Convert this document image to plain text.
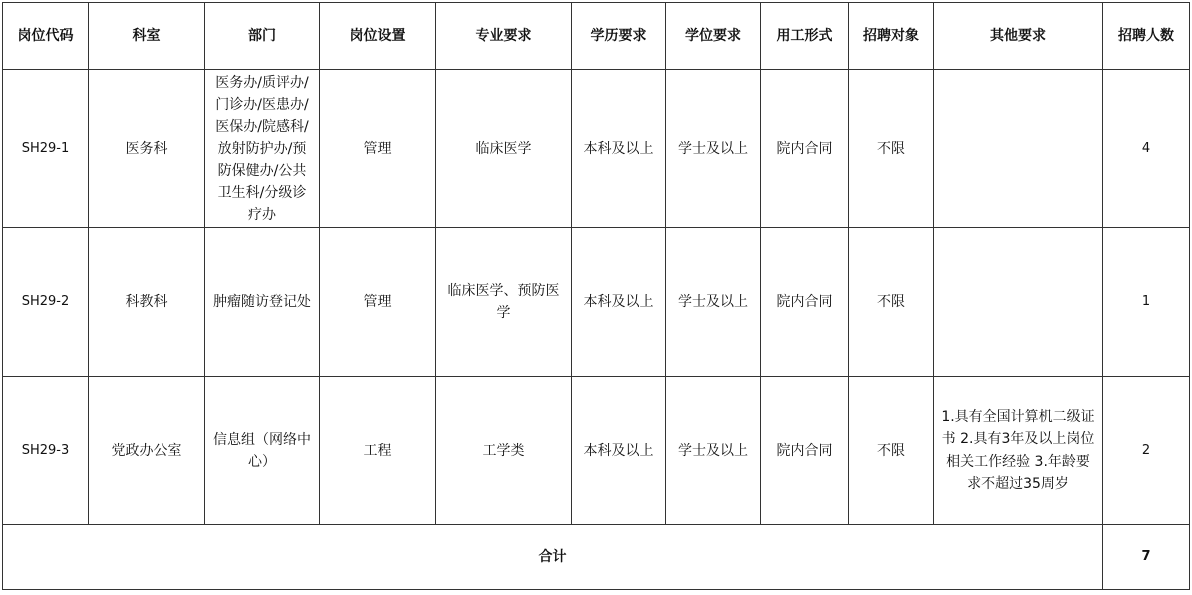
岗位代码	科室	部门	岗位设置	专业要求	学历要求	学位要求	用工形式	招聘对象	其他要求	招聘人数
SH29-1	医务科	医务办/质评办/门诊办/医患办/医保办/院感科/放射防护办/预防保健办/公共卫生科/分级诊疗办	管理	临床医学	本科及以上	学士及以上	院内合同	不限		4
SH29-2	科教科	肿瘤随访登记处	管理	临床医学、预防医学	本科及以上	学士及以上	院内合同	不限		1
SH29-3	党政办公室	信息组（网络中心）	工程	工学类	本科及以上	学士及以上	院内合同	不限	1.具有全国计算机二级证书 2.具有3年及以上岗位相关工作经验 3.年龄要求不超过35周岁	2
合计										7
